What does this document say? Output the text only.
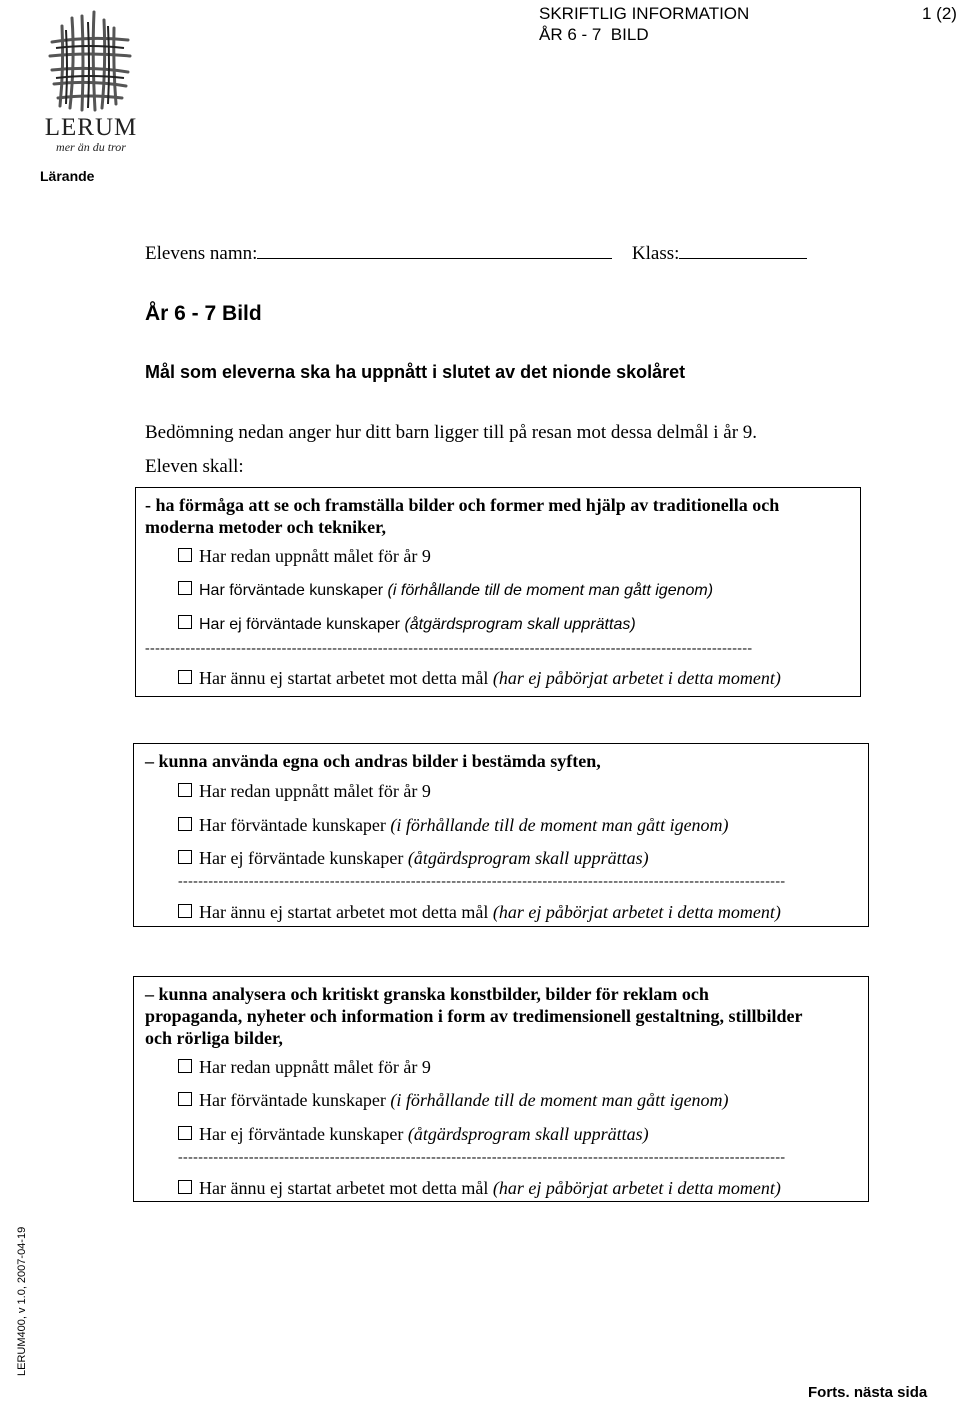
LERUM
mer än du tror
SKRIFTLIG INFORMATION
ÅR 6 - 7  BILD
1 (2)
Lärande
Elevens namn:	Klass:
År 6 - 7 Bild
Mål som eleverna ska ha uppnått i slutet av det nionde skolåret
Bedömning nedan anger hur ditt barn ligger till på resan mot dessa delmål i år 9.
Eleven skall:
- ha förmåga att se och framställa bilder och former med hjälp av traditionella och moderna metoder och tekniker,
Har redan uppnått målet för år 9
Har förväntade kunskaper (i förhållande till de moment man gått igenom)
Har ej förväntade kunskaper (åtgärdsprogram skall upprättas)
------------------------------------------------------------------------------------------------------------------------
Har ännu ej startat arbetet mot detta mål (har ej påbörjat arbetet i detta moment)
– kunna använda egna och andras bilder i bestämda syften,
Har redan uppnått målet för år 9
Har förväntade kunskaper (i förhållande till de moment man gått igenom)
Har ej förväntade kunskaper (åtgärdsprogram skall upprättas)
------------------------------------------------------------------------------------------------------------------------
Har ännu ej startat arbetet mot detta mål (har ej påbörjat arbetet i detta moment)
– kunna analysera och kritiskt granska konstbilder, bilder för reklam och propaganda, nyheter och information i form av tredimensionell gestaltning, stillbilder och rörliga bilder,
Har redan uppnått målet för år 9
Har förväntade kunskaper (i förhållande till de moment man gått igenom)
Har ej förväntade kunskaper (åtgärdsprogram skall upprättas)
------------------------------------------------------------------------------------------------------------------------
Har ännu ej startat arbetet mot detta mål (har ej påbörjat arbetet i detta moment)
LERUM400, v 1.0, 2007-04-19
Forts. nästa sida
